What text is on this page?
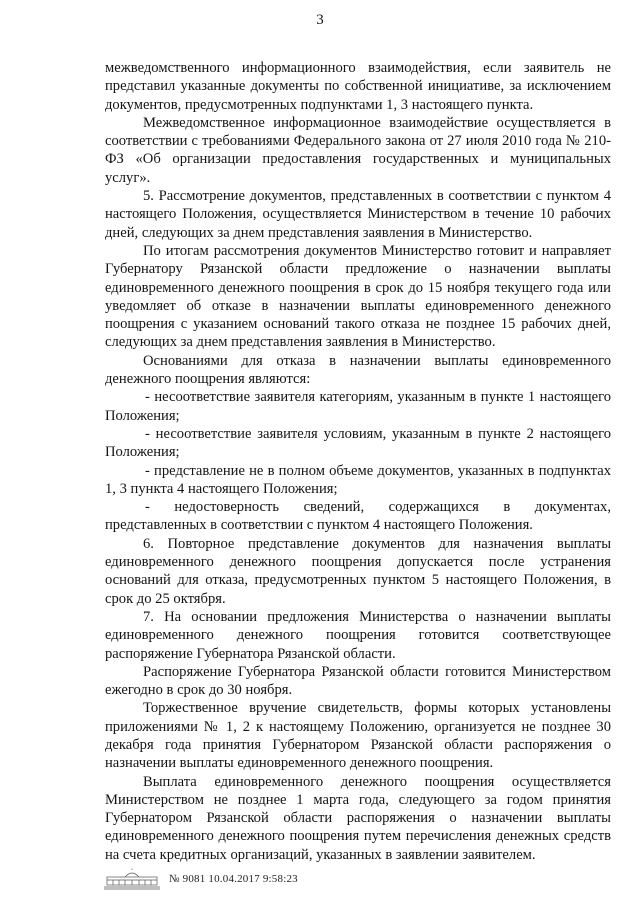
3

межведомственного информационного взаимодействия, если заявитель не представил указанные документы по собственной инициативе, за исключением документов, предусмотренных подпунктами 1, 3 настоящего пункта.

Межведомственное информационное взаимодействие осуществляется в соответствии с требованиями Федерального закона от 27 июля 2010 года № 210-ФЗ «Об организации предоставления государственных и муниципальных услуг».

5. Рассмотрение документов, представленных в соответствии с пунктом 4 настоящего Положения, осуществляется Министерством в течение 10 рабочих дней, следующих за днем представления заявления в Министерство.

По итогам рассмотрения документов Министерство готовит и направляет Губернатору Рязанской области предложение о назначении выплаты единовременного денежного поощрения в срок до 15 ноября текущего года или уведомляет об отказе в назначении выплаты единовременного денежного поощрения с указанием оснований такого отказа не позднее 15 рабочих дней, следующих за днем представления заявления в Министерство.

Основаниями для отказа в назначении выплаты единовременного денежного поощрения являются:

- несоответствие заявителя категориям, указанным в пункте 1 настоящего Положения;

- несоответствие заявителя условиям, указанным в пункте 2 настоящего Положения;

- представление не в полном объеме документов, указанных в подпунктах 1, 3 пункта 4 настоящего Положения;

- недостоверность сведений, содержащихся в документах, представленных в соответствии с пунктом 4 настоящего Положения.

6. Повторное представление документов для назначения выплаты единовременного денежного поощрения допускается после устранения оснований для отказа, предусмотренных пунктом 5 настоящего Положения, в срок до 25 октября.

7. На основании предложения Министерства о назначении выплаты единовременного денежного поощрения готовится соответствующее распоряжение Губернатора Рязанской области.

Распоряжение Губернатора Рязанской области готовится Министерством ежегодно в срок до 30 ноября.

Торжественное вручение свидетельств, формы которых установлены приложениями № 1, 2 к настоящему Положению, организуется не позднее 30 декабря года принятия Губернатором Рязанской области распоряжения о назначении выплаты единовременного денежного поощрения.

Выплата единовременного денежного поощрения осуществляется Министерством не позднее 1 марта года, следующего за годом принятия Губернатором Рязанской области распоряжения о назначении выплаты единовременного денежного поощрения путем перечисления денежных средств на счета кредитных организаций, указанных в заявлении заявителем.

№ 9081 10.04.2017 9:58:23
